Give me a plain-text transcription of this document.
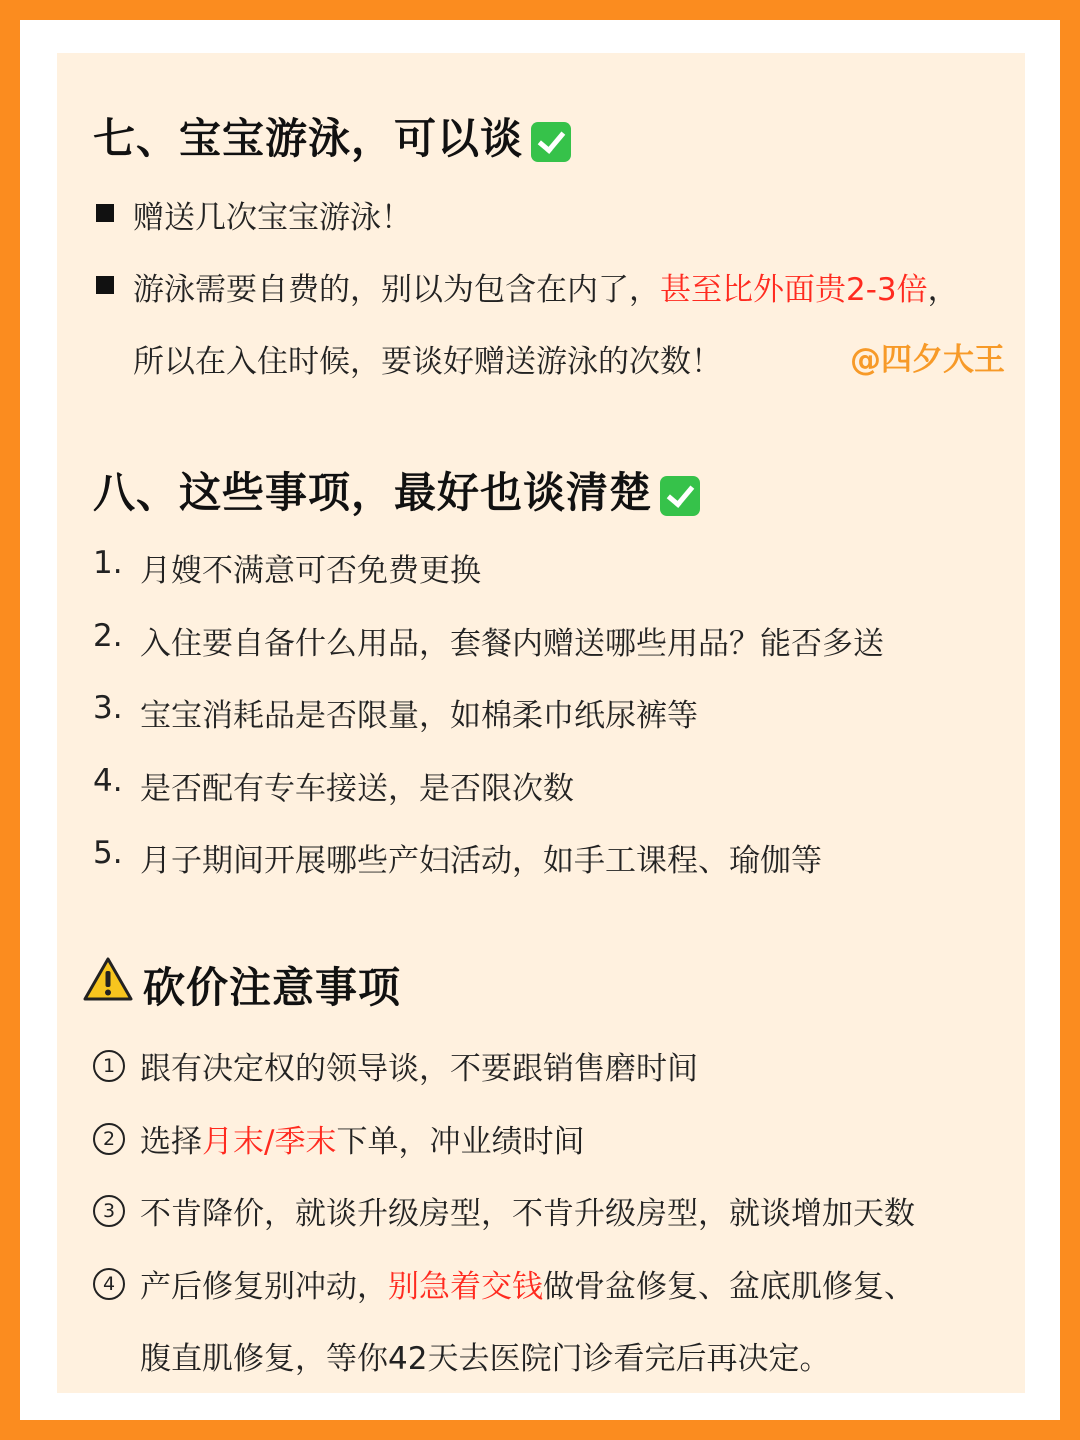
七、宝宝游泳，可以谈
赠送几次宝宝游泳！
游泳需要自费的，别以为包含在内了，甚至比外面贵2-3倍，
所以在入住时候，要谈好赠送游泳的次数！	@四夕大王
八、这些事项，最好也谈清楚
1. 月嫂不满意可否免费更换
2. 入住要自备什么用品，套餐内赠送哪些用品？能否多送
3. 宝宝消耗品是否限量，如棉柔巾纸尿裤等
4. 是否配有专车接送，是否限次数
5. 月子期间开展哪些产妇活动，如手工课程、瑜伽等
砍价注意事项
1 跟有决定权的领导谈，不要跟销售磨时间
2 选择月末/季末下单，冲业绩时间
3 不肯降价，就谈升级房型，不肯升级房型，就谈增加天数
4 产后修复别冲动，别急着交钱做骨盆修复、盆底肌修复、
腹直肌修复，等你42天去医院门诊看完后再决定。
